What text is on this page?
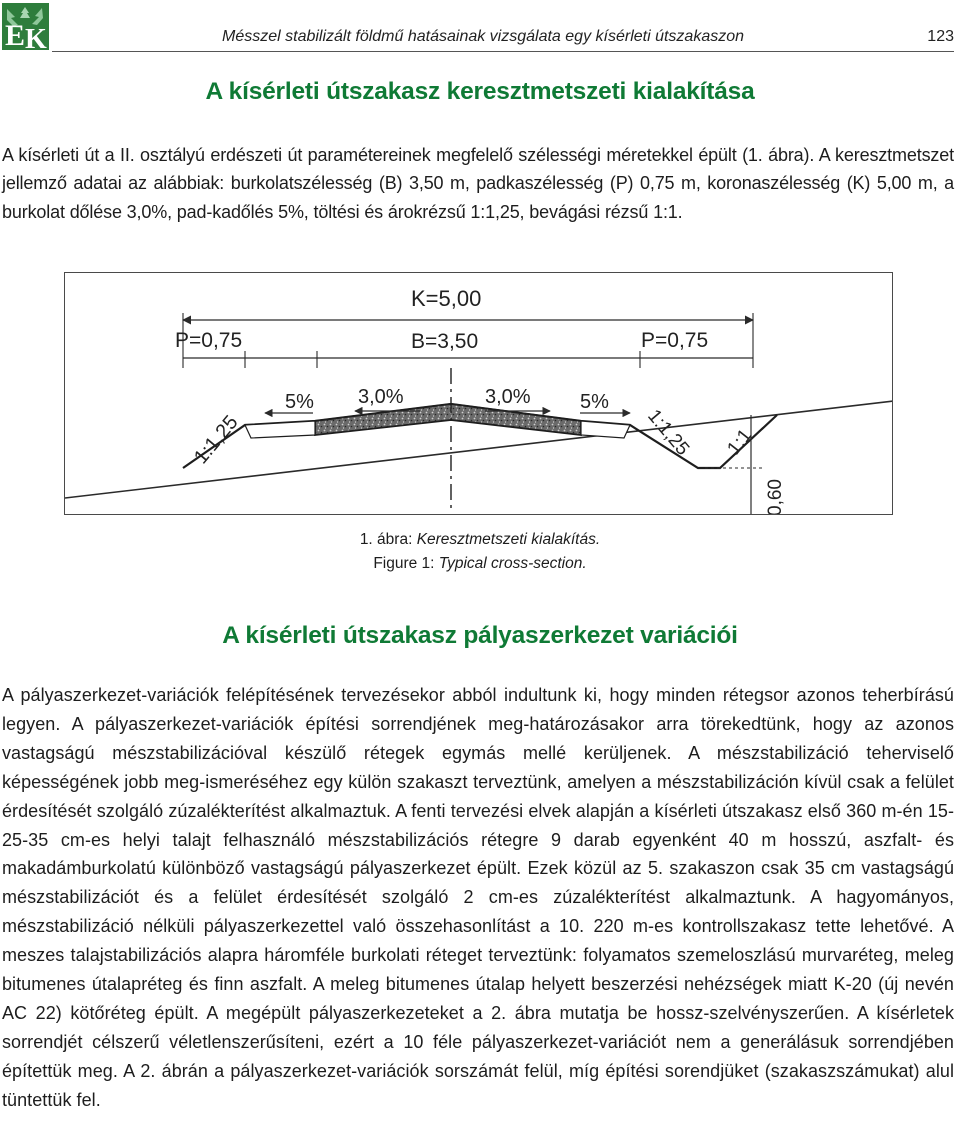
E K	Mésszel stabilizált földmű hatásainak vizsgálata egy kísérleti útszakaszon	123
A kísérleti útszakasz keresztmetszeti kialakítása

A kísérleti út a II. osztályú erdészeti út paramétereinek megfelelő szélességi méretekkel épült (1. ábra). A keresztmetszet jellemző adatai az alábbiak: burkolatszélesség (B) 3,50 m, padkaszélesség (P) 0,75 m, koronaszélesség (K) 5,00 m, a burkolat dőlése 3,0%, pad-kadőlés 5%, töltési és árokrézsű 1:1,25, bevágási rézsű 1:1.

K=5,00
P=0,75	B=3,50	P=0,75
5% 3,0%	3,0% 5%
1:1,25	1:1,25 1:1
0,60
1. ábra: Keresztmetszeti kialakítás.
Figure 1: Typical cross-section.
A kísérleti útszakasz pályaszerkezet variációi

A pályaszerkezet-variációk felépítésének tervezésekor abból indultunk ki, hogy minden rétegsor azonos teherbírású legyen. A pályaszerkezet-variációk építési sorrendjének meg-határozásakor arra törekedtünk, hogy az azonos vastagságú mészstabilizációval készülő rétegek egymás mellé kerüljenek. A mészstabilizáció teherviselő képességének jobb meg-ismeréséhez egy külön szakaszt terveztünk, amelyen a mészstabilizáción kívül csak a felület érdesítését szolgáló zúzalékterítést alkalmaztuk. A fenti tervezési elvek alapján a kísérleti útszakasz első 360 m-én 15-25-35 cm-es helyi talajt felhasználó mészstabilizációs rétegre 9 darab egyenként 40 m hosszú, aszfalt- és makadámburkolatú különböző vastagságú pályaszerkezet épült. Ezek közül az 5. szakaszon csak 35 cm vastagságú mészstabilizációt és a felület érdesítését szolgáló 2 cm-es zúzalékterítést alkalmaztunk. A hagyományos, mészstabilizáció nélküli pályaszerkezettel való összehasonlítást a 10. 220 m-es kontrollszakasz tette lehetővé. A meszes talajstabilizációs alapra háromféle burkolati réteget terveztünk: folyamatos szemeloszlású murvaréteg, meleg bitumenes útalapréteg és finn aszfalt. A meleg bitumenes útalap helyett beszerzési nehézségek miatt K-20 (új nevén AC 22) kötőréteg épült. A megépült pályaszerkezeteket a 2. ábra mutatja be hossz-szelvényszerűen. A kísérletek sorrendjét célszerű véletlenszerűsíteni, ezért a 10 féle pályaszerkezet-variációt nem a generálásuk sorrendjében építettük meg. A 2. ábrán a pályaszerkezet-variációk sorszámát felül, míg építési sorendjüket (szakaszszámukat) alul tüntettük fel.
